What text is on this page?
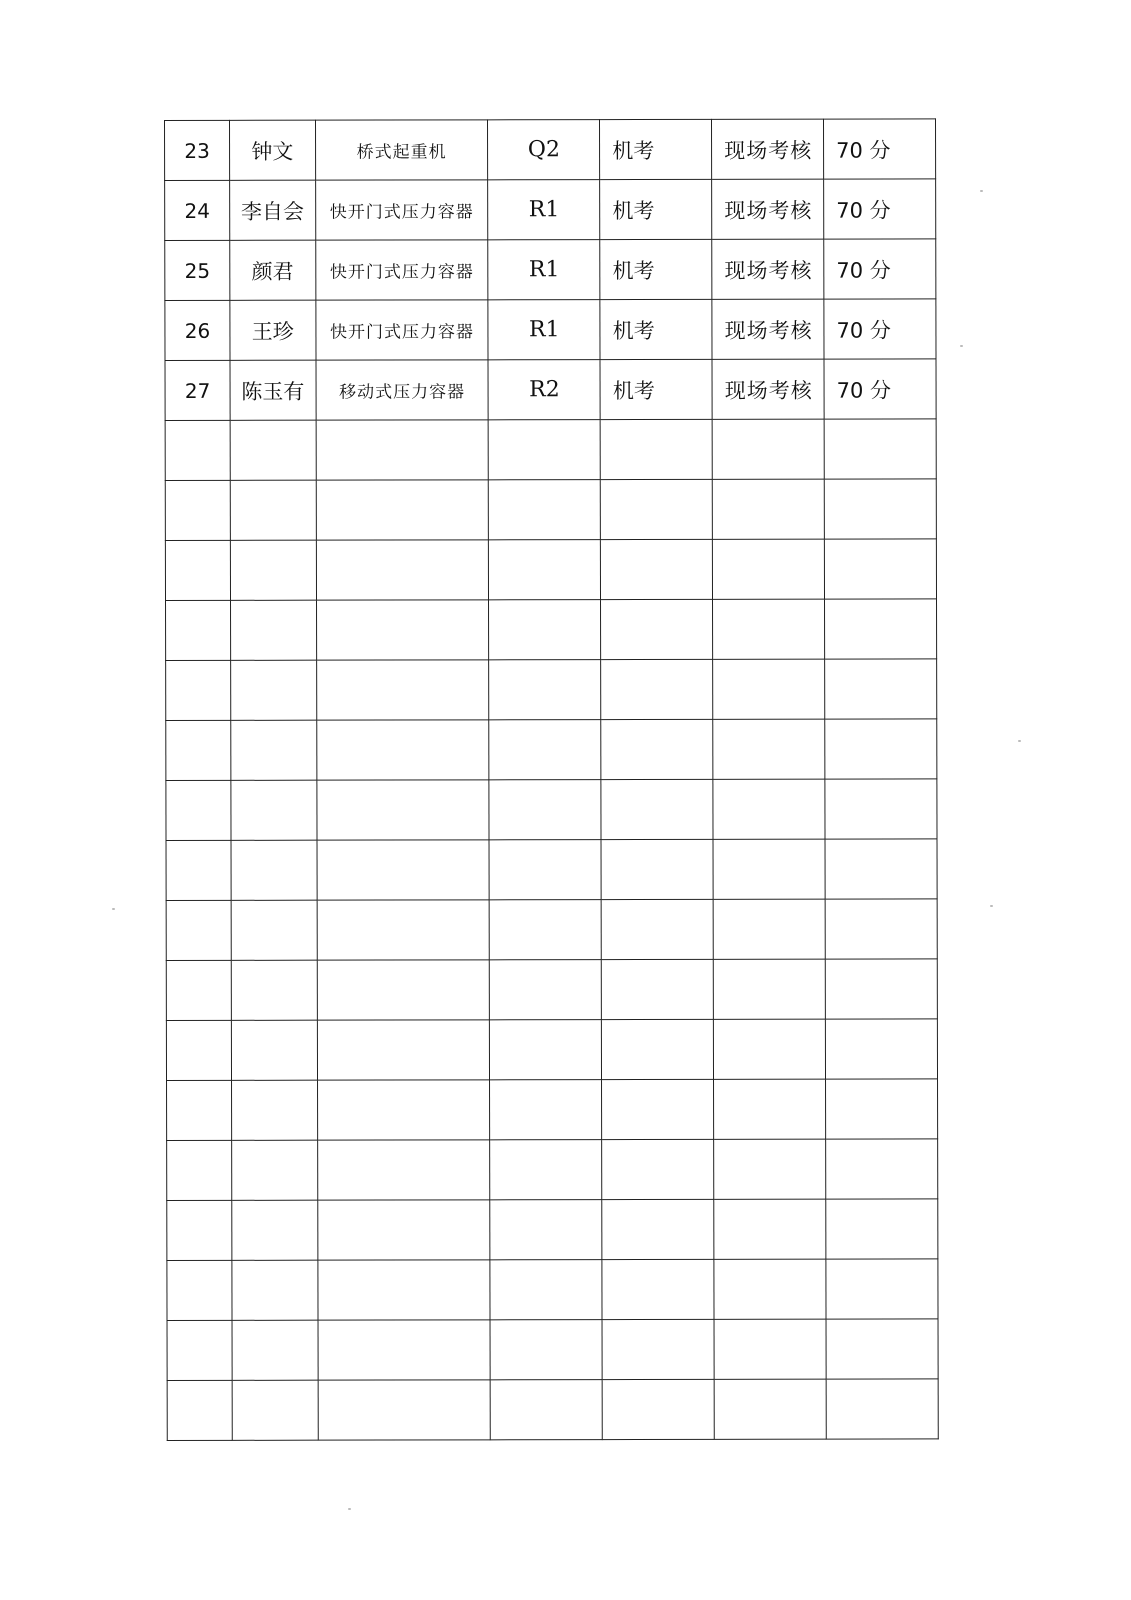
23	钟文	桥式起重机	Q2	机考	现场考核	70 分
24	李自会	快开门式压力容器	R1	机考	现场考核	70 分
25	颜君	快开门式压力容器	R1	机考	现场考核	70 分
26	王珍	快开门式压力容器	R1	机考	现场考核	70 分
27	陈玉有	移动式压力容器	R2	机考	现场考核	70 分
